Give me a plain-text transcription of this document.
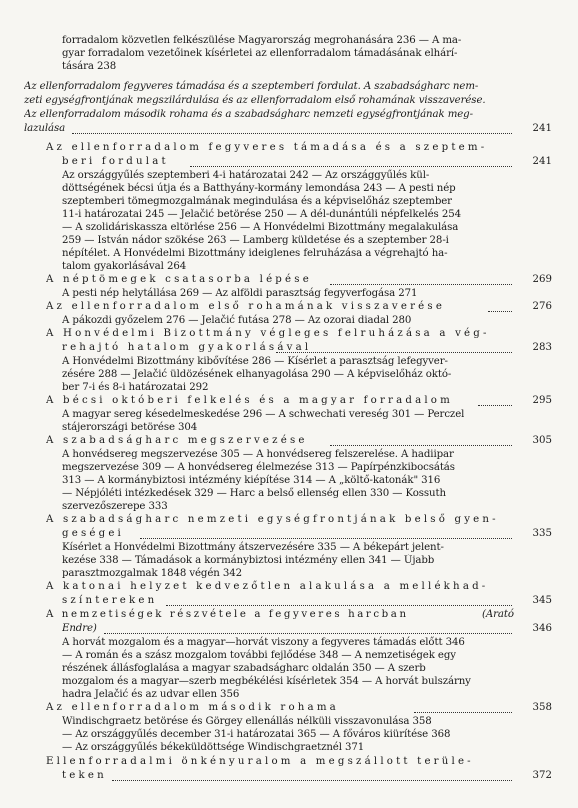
forradalom közvetlen felkészülése Magyarország megrohanására 236 — A ma-
gyar forradalom vezetőinek kísérletei az ellenforradalom támadásának elhárí-
tására 238
Az ellenforradalom fegyveres támadása és a szeptemberi fordulat. A szabadságharc nem-
zeti egységfrontjának megszilárdulása és az ellenforradalom első rohamának visszaverése.
Az ellenforradalom második rohama és a szabadságharc nemzeti egységfrontjának meg-
lazulása	241
Az ellenforradalom fegyveres támadása és a szeptem-
beri fordulat	241
Az országgyűlés szeptemberi 4-i határozatai 242 — Az országgyűlés kül-
döttségének bécsi útja és a Batthyány-kormány lemondása 243 — A pesti nép
szeptemberi tömegmozgalmának megindulása és a képviselőház szeptember
11-i határozatai 245 — Jelačić betörése 250 — A dél-dunántúli népfelkelés 254
— A szolidáriskassza eltörlése 256 — A Honvédelmi Bizottmány megalakulása
259 — István nádor szökése 263 — Lamberg küldetése és a szeptember 28-i
népítélet. A Honvédelmi Bizottmány ideiglenes felruházása a végrehajtó ha-
talom gyakorlásával 264
A néptömegek csatasorba lépése	269
A pesti nép helytállása 269 — Az alföldi parasztság fegyverfogása 271
Az ellenforradalom első rohamának visszaverése	276
A pákozdi győzelem 276 — Jelačić futása 278 — Az ozorai diadal 280
A Honvédelmi Bizottmány végleges felruházása a vég-
rehajtó hatalom gyakorlásával	283
A Honvédelmi Bizottmány kibővítése 286 — Kísérlet a parasztság lefegyver-
zésére 288 — Jelačić üldözésének elhanyagolása 290 — A képviselőház októ-
ber 7-i és 8-i határozatai 292
A bécsi októberi felkelés és a magyar forradalom	295
A magyar sereg késedelmeskedése 296 — A schwechati vereség 301 — Perczel
stájerországi betörése 304
A szabadságharc megszervezése	305
A honvédsereg megszervezése 305 — A honvédsereg felszerelése. A hadiipar
megszervezése 309 — A honvédsereg élelmezése 313 — Papírpénzkibocsátás
313 — A kormánybiztosi intézmény kiépítése 314 — A „költő-katonák" 316
— Népjóléti intézkedések 329 — Harc a belső ellenség ellen 330 — Kossuth
szervezőszerepe 333
A szabadságharc nemzeti egységfrontjának belső gyen-
geségei	335
Kísérlet a Honvédelmi Bizottmány átszervezésére 335 — A békepárt jelent-
kezése 338 — Támadások a kormánybiztosi intézmény ellen 341 — Újabb
parasztmozgalmak 1848 végén 342
A katonai helyzet kedvezőtlen alakulása a mellékhad-
színtereken	345
A nemzetiségek részvétele a fegyveres harcban	(Arató
Endre)	346
A horvát mozgalom és a magyar—horvát viszony a fegyveres támadás előtt 346
— A román és a szász mozgalom további fejlődése 348 — A nemzetiségek egy
részének állásfoglalása a magyar szabadságharc oldalán 350 — A szerb
mozgalom és a magyar—szerb megbékélési kísérletek 354 — A horvát bulszárny
hadra Jelačić és az udvar ellen 356
Az ellenforradalom második rohama	358
Windischgraetz betörése és Görgey ellenállás nélküli visszavonulása 358
— Az országgyűlés december 31-i határozatai 365 — A főváros kiürítése 368
— Az országgyűlés békeküldöttsége Windischgraetznél 371
Ellenforradalmi önkényuralom a megszállott terüle-
teken	372
